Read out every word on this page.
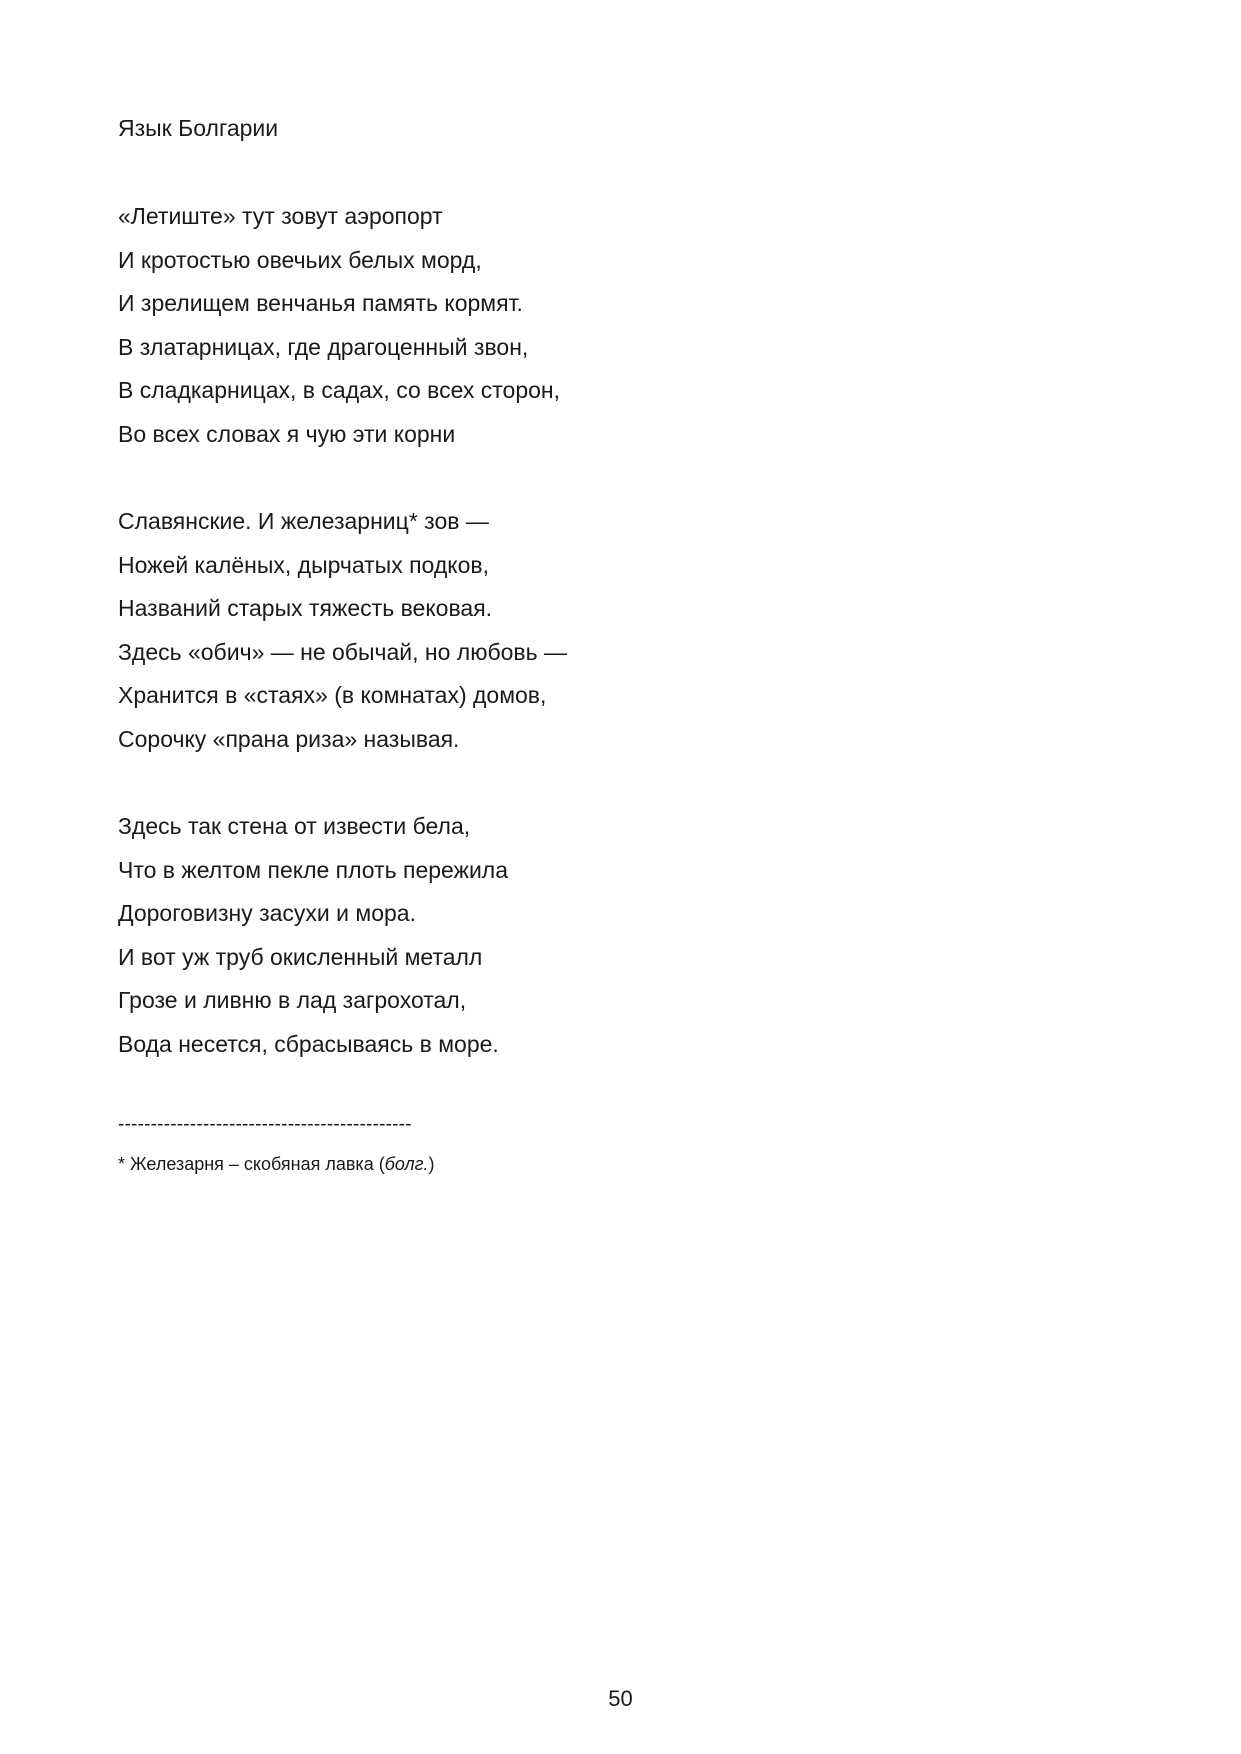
Язык Болгарии
«Летиште» тут зовут аэропорт
И кротостью овечьих белых морд,
И зрелищем венчанья память кормят.
В златарницах, где драгоценный звон,
В сладкарницах, в садах, со всех сторон,
Во всех словах я чую эти корни
Славянские. И железарниц* зов —
Ножей калёных, дырчатых подков,
Названий старых тяжесть вековая.
Здесь «обич» — не обычай, но любовь —
Хранится в «стаях» (в комнатах) домов,
Сорочку «прана риза» называя.
Здесь так стена от извести бела,
Что в желтом пекле плоть пережила
Дороговизну засухи и мора.
И вот уж труб окисленный металл
Грозе и ливню в лад загрохотал,
Вода несется, сбрасываясь в море.
---------------------------------------------
* Железарня – скобяная лавка (болг.)
50
